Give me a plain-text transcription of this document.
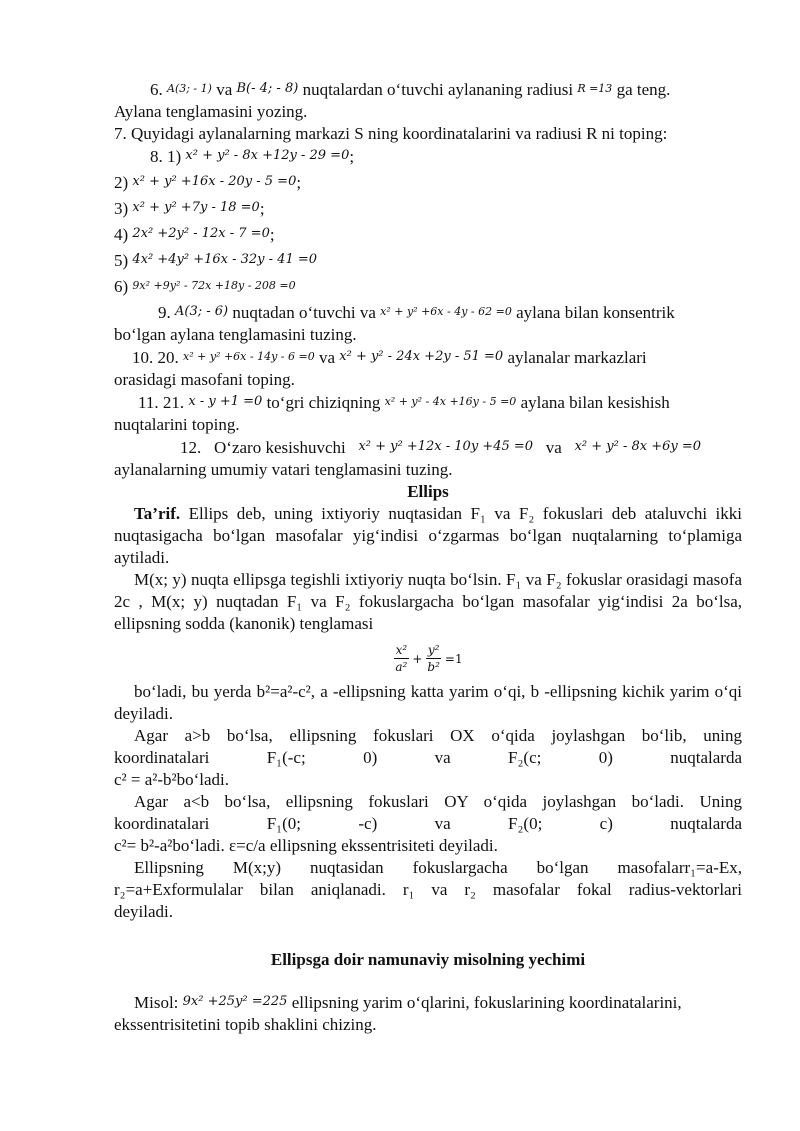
6. A(3; - 1) va B(- 4; - 8) nuqtalardan o‘tuvchi aylananing radiusi R =13 ga teng.

Aylana tenglamasini yozing.

7. Quyidagi aylanalarning markazi S ning koordinatalarini va radiusi R ni toping:

8. 1) x² + y² - 8x +12y - 29 =0;

2) x² + y² +16x - 20y - 5 =0;

3) x² + y² +7y - 18 =0;

4) 2x² +2y² - 12x - 7 =0;

5) 4x² +4y² +16x - 32y - 41 =0

6) 9x² +9y² - 72x +18y - 208 =0

9. A(3; - 6) nuqtadan o‘tuvchi va x² + y² +6x - 4y - 62 =0 aylana bilan konsentrik

bo‘lgan aylana tenglamasini tuzing.

10. 20. x² + y² +6x - 14y - 6 =0 va x² + y² - 24x +2y - 51 =0 aylanalar markazlari

orasidagi masofani toping.

11. 21. x - y +1 =0 to‘gri chiziqning x² + y² - 4x +16y - 5 =0 aylana bilan kesishish

nuqtalarini toping.

12. O‘zaro kesishuvchi x² + y² +12x - 10y +45 =0 va x² + y² - 8x +6y =0

aylanalarning umumiy vatari tenglamasini tuzing.

Ellips

Ta’rif. Ellips deb, uning ixtiyoriy nuqtasidan F₁ va F₂ fokuslari deb ataluvchi ikki nuqtasigacha bo‘lgan masofalar yig‘indisi o‘zgarmas bo‘lgan nuqtalarning to‘plamiga aytiladi.

M(x; y) nuqta ellipsga tegishli ixtiyoriy nuqta bo‘lsin. F₁ va F₂ fokuslar orasidagi masofa 2c , M(x; y) nuqtadan F₁ va F₂ fokuslargacha bo‘lgan masofalar yig‘indisi 2a bo‘lsa, ellipsning sodda (kanonik) tenglamasi

$\frac{\text{x²}}{\text{a²}} + \frac{\text{y²}}{\text{b²}} =1$

bo‘ladi, bu yerda b²=a²-c², a -ellipsning katta yarim o‘qi, b -ellipsning kichik yarim o‘qi deyiladi.

Agar a>b bo‘lsa, ellipsning fokuslari OX o‘qida joylashgan bo‘lib, uning

koordinatalari F₁(-c; 0) va F₂(c; 0) nuqtalarda

c² = a²-b²bo‘ladi.

Agar a<b bo‘lsa, ellipsning fokuslari OY o‘qida joylashgan bo‘ladi. Uning

koordinatalari F₁(0; -c) va F₂(0; c) nuqtalarda

c²= b²-a²bo‘ladi. ε=c/a ellipsning ekssentrisiteti deyiladi.

Ellipsning M(x;y) nuqtasidan fokuslargacha bo‘lgan masofalarr₁=a-Ex,

r₂=a+Exformulalar bilan aniqlanadi. r₁ va r₂ masofalar fokal radius-vektorlari

deyiladi.

Ellipsga doir namunaviy misolning yechimi

Misol: 9x² +25y² =225 ellipsning yarim o‘qlarini, fokuslarining koordinatalarini,

ekssentrisitetini topib shaklini chizing.
